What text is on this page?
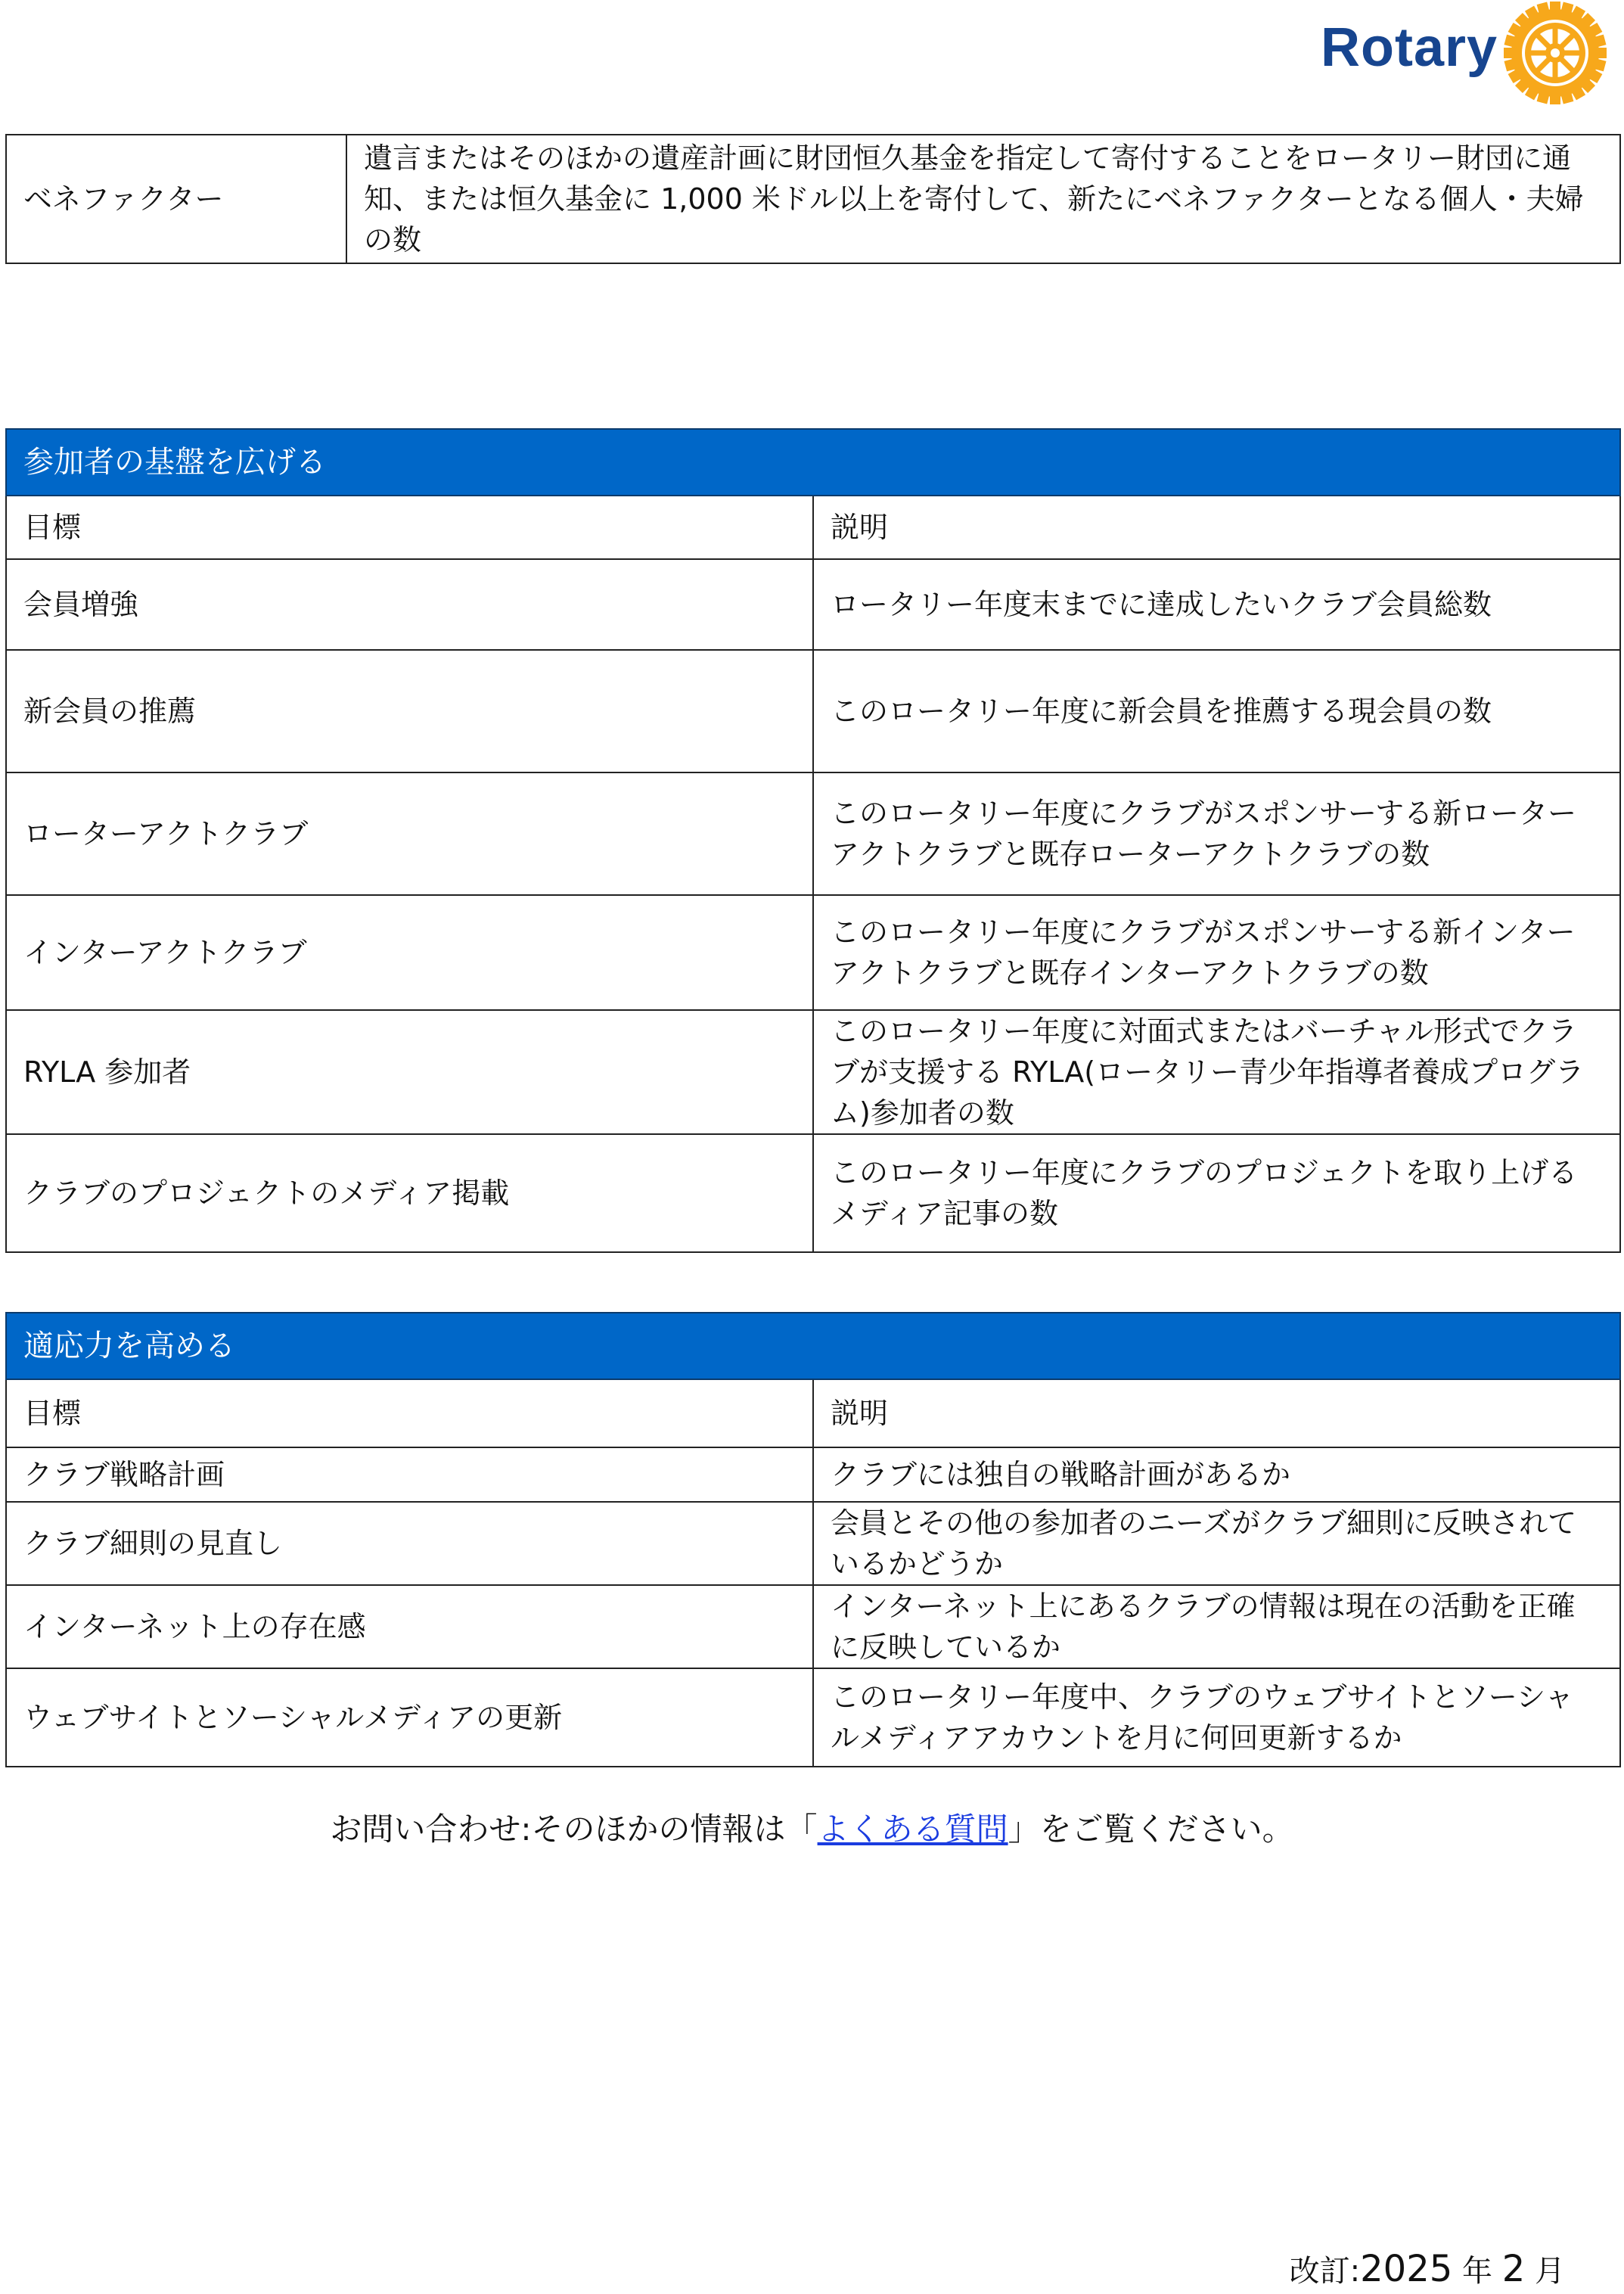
Rotary
ベネファクター	遺言またはそのほかの遺産計画に財団恒久基金を指定して寄付することをロータリー財団に通知、または恒久基金に 1,000 米ドル以上を寄付して、新たにベネファクターとなる個人・夫婦の数
参加者の基盤を広げる	
目標	説明
会員増強	ロータリー年度末までに達成したいクラブ会員総数
新会員の推薦	このロータリー年度に新会員を推薦する現会員の数
ローターアクトクラブ	このロータリー年度にクラブがスポンサーする新ローターアクトクラブと既存ローターアクトクラブの数
インターアクトクラブ	このロータリー年度にクラブがスポンサーする新インターアクトクラブと既存インターアクトクラブの数
RYLA 参加者	このロータリー年度に対面式またはバーチャル形式でクラブが支援する RYLA(ロータリー青少年指導者養成プログラム)参加者の数
クラブのプロジェクトのメディア掲載	このロータリー年度にクラブのプロジェクトを取り上げるメディア記事の数
適応力を高める	
目標	説明
クラブ戦略計画	クラブには独自の戦略計画があるか
クラブ細則の見直し	会員とその他の参加者のニーズがクラブ細則に反映されているかどうか
インターネット上の存在感	インターネット上にあるクラブの情報は現在の活動を正確に反映しているか
ウェブサイトとソーシャルメディアの更新	このロータリー年度中、クラブのウェブサイトとソーシャルメディアアカウントを月に何回更新するか
お問い合わせ:そのほかの情報は「よくある質問」をご覧ください。
改訂:2025 年 2 月
